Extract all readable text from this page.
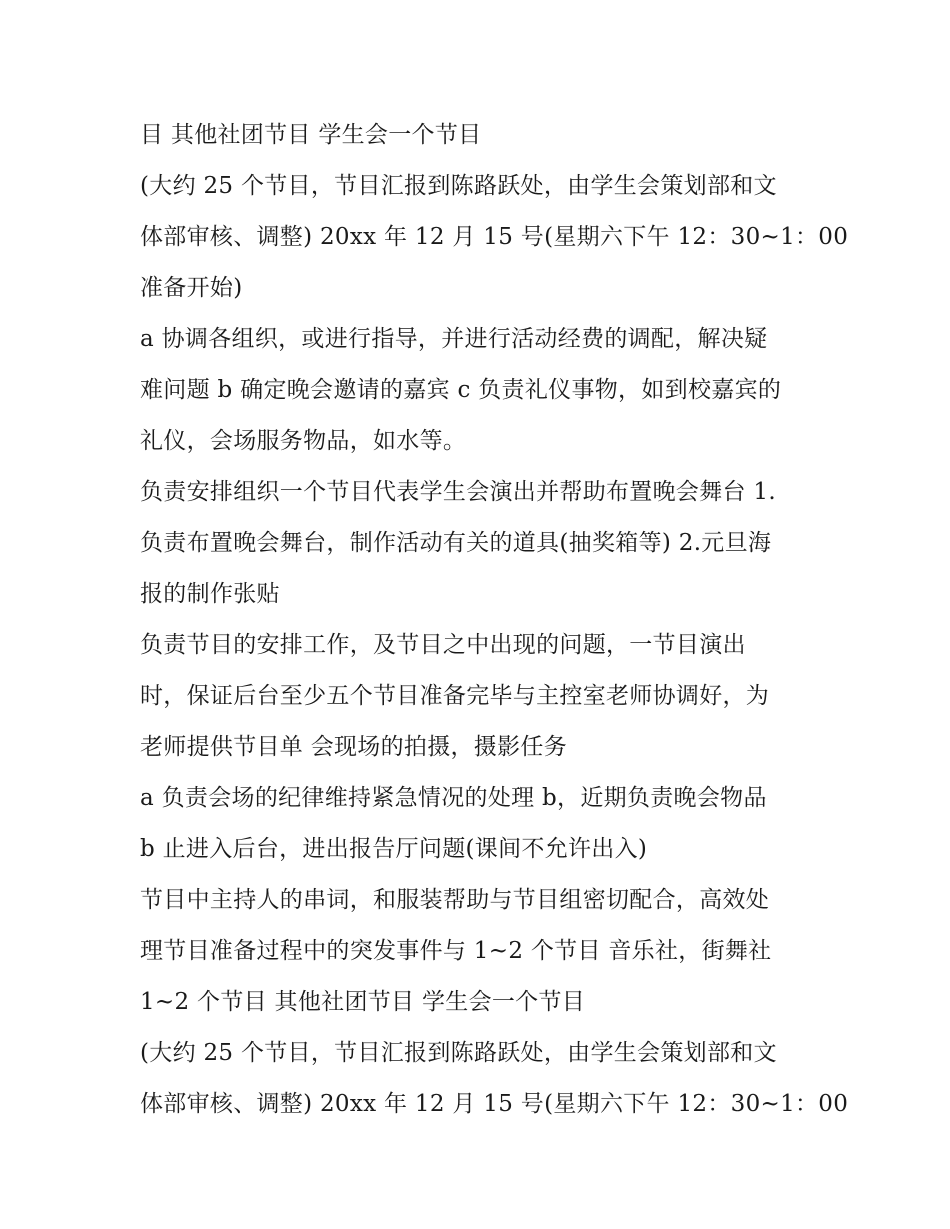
目 其他社团节目 学生会一个节目
(大约 25 个节目，节目汇报到陈路跃处，由学生会策划部和文
体部审核、调整) 20xx 年 12 月 15 号(星期六下午 12：30~1：00
准备开始)
a 协调各组织，或进行指导，并进行活动经费的调配，解决疑
难问题 b 确定晚会邀请的嘉宾 c 负责礼仪事物，如到校嘉宾的
礼仪，会场服务物品，如水等。
负责安排组织一个节目代表学生会演出并帮助布置晚会舞台 1.
负责布置晚会舞台，制作活动有关的道具(抽奖箱等) 2.元旦海
报的制作张贴
负责节目的安排工作，及节目之中出现的问题，一节目演出
时，保证后台至少五个节目准备完毕与主控室老师协调好，为
老师提供节目单 会现场的拍摄，摄影任务
a 负责会场的纪律维持紧急情况的处理 b，近期负责晚会物品
b 止进入后台，进出报告厅问题(课间不允许出入)
节目中主持人的串词，和服装帮助与节目组密切配合，高效处
理节目准备过程中的突发事件与 1~2 个节目 音乐社，街舞社
1~2 个节目 其他社团节目 学生会一个节目
(大约 25 个节目，节目汇报到陈路跃处，由学生会策划部和文
体部审核、调整) 20xx 年 12 月 15 号(星期六下午 12：30~1：00
